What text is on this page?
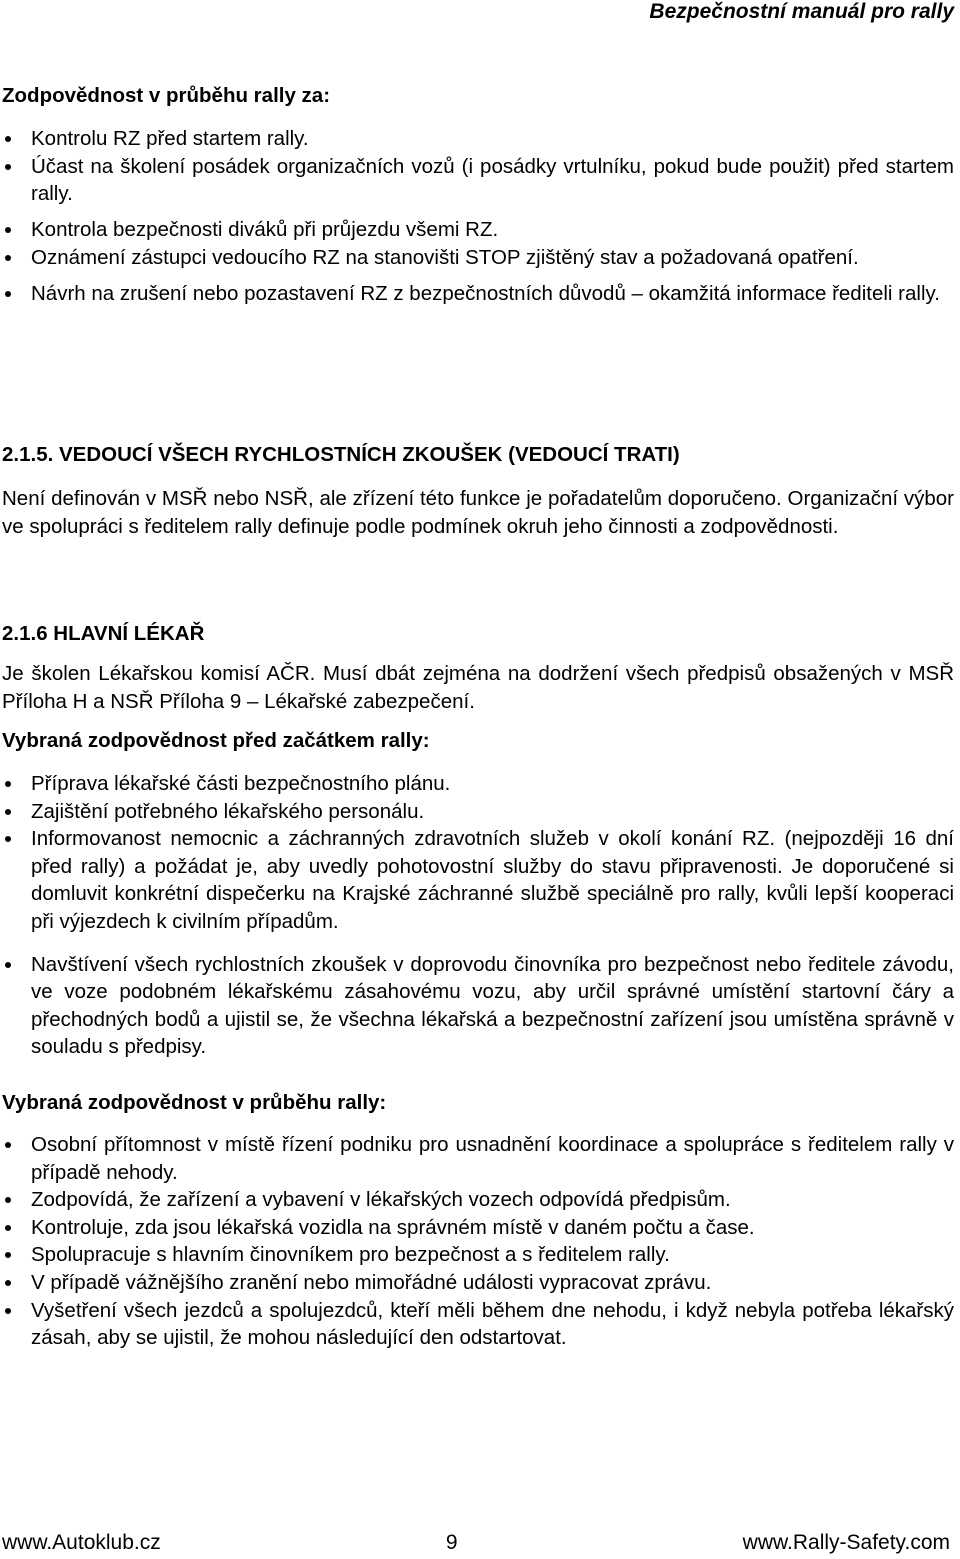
Bezpečnostní manuál pro rally
Zodpovědnost v průběhu rally za:
Kontrolu RZ před startem rally.
Účast na školení posádek organizačních vozů (i posádky vrtulníku, pokud bude použit) před startem rally.
Kontrola bezpečnosti diváků při průjezdu všemi RZ.
Oznámení zástupci vedoucího RZ na stanovišti STOP zjištěný stav a požadovaná opatření.
Návrh na zrušení nebo pozastavení RZ z bezpečnostních důvodů – okamžitá informace řediteli rally.
2.1.5. VEDOUCÍ VŠECH RYCHLOSTNÍCH ZKOUŠEK (VEDOUCÍ TRATI)

Není definován v MSŘ nebo NSŘ, ale zřízení této funkce je pořadatelům doporučeno. Organizační výbor ve spolupráci s ředitelem rally definuje podle podmínek okruh jeho činnosti a zodpovědnosti.

2.1.6 HLAVNÍ LÉKAŘ

Je školen Lékařskou komisí AČR. Musí dbát zejména na dodržení všech předpisů obsažených v MSŘ Příloha H a NSŘ Příloha 9 – Lékařské zabezpečení.

Vybraná zodpovědnost před začátkem rally:
Příprava lékařské části bezpečnostního plánu.
Zajištění potřebného lékařského personálu.
Informovanost nemocnic a záchranných zdravotních služeb v okolí konání RZ. (nejpozději 16 dní před rally) a požádat je, aby uvedly pohotovostní služby do stavu připravenosti. Je doporučené si domluvit konkrétní dispečerku na Krajské záchranné službě speciálně pro rally, kvůli lepší kooperaci při výjezdech k civilním případům.
Navštívení všech rychlostních zkoušek v doprovodu činovníka pro bezpečnost nebo ředitele závodu, ve voze podobném lékařskému zásahovému vozu, aby určil správné umístění startovní čáry a přechodných bodů a ujistil se, že všechna lékařská a bezpečnostní zařízení jsou umístěna správně v souladu s předpisy.
Vybraná zodpovědnost v průběhu rally:
Osobní přítomnost v místě řízení podniku pro usnadnění koordinace a spolupráce s ředitelem rally v případě nehody.
Zodpovídá, že zařízení a vybavení v lékařských vozech odpovídá předpisům.
Kontroluje, zda jsou lékařská vozidla na správném místě v daném počtu a čase.
Spolupracuje s hlavním činovníkem pro bezpečnost a s ředitelem rally.
V případě vážnějšího zranění nebo mimořádné události vypracovat zprávu.
Vyšetření všech jezdců a spolujezdců, kteří měli během dne nehodu, i když nebyla potřeba lékařský zásah, aby se ujistil, že mohou následující den odstartovat.
www.Autoklub.cz	9	www.Rally-Safety.com
